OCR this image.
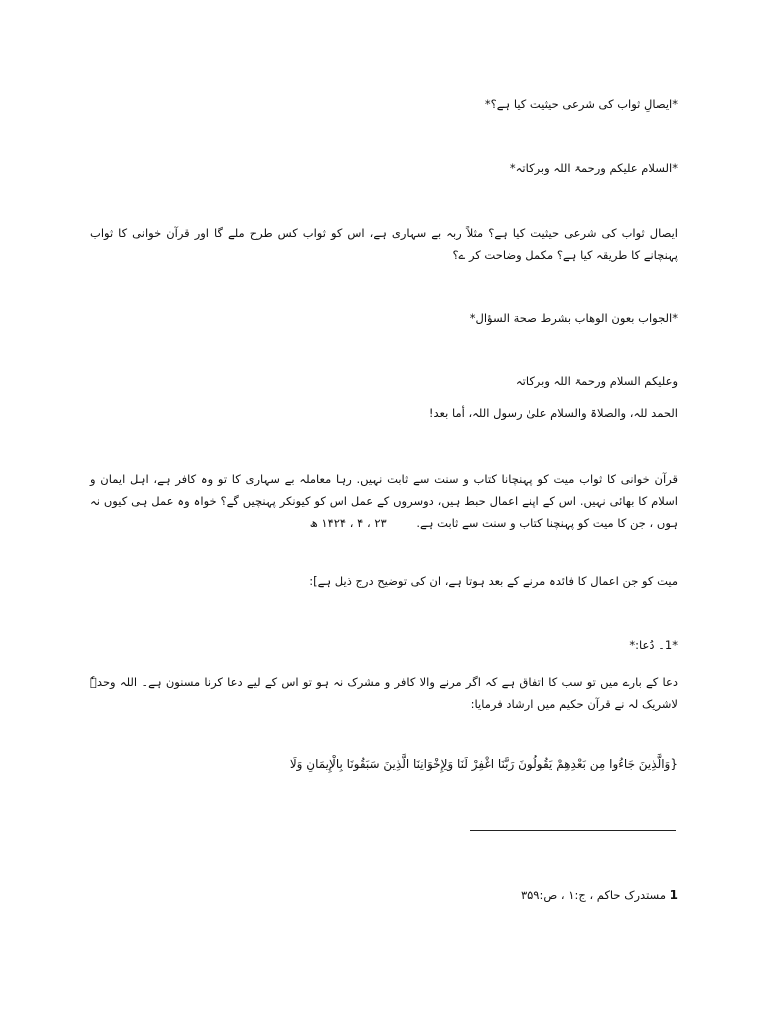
*ایصالِ ثواب کی شرعی حیثیت کیا ہے؟*
*السلام علیکم ورحمۃ اللہ وبرکاتہ*
ایصال ثواب کی شرعی حیثیت کیا ہے؟ مثلاً ربہ بے سہاری ہے، اس کو ثواب کس طرح ملے گا اور قرآن خوانی کا ثواب پہنچانے کا طریقہ کیا ہے؟ مکمل وضاحت کر ے؟
*الجواب بعون الوهاب بشرط صحة السؤال*
وعلیکم السلام ورحمۃ اللہ وبرکاتہ
الحمد للہ، والصلاۃ والسلام علیٰ رسول اللہ، أما بعد!
قرآن خوانی کا ثواب میت کو پہنچانا کتاب و سنت سے ثابت نہیں. رہا معاملہ بے سہاری کا تو وہ کافر ہے، اہل ایمان و اسلام کا بھائی نہیں. اس کے اپنے اعمال حبط ہیں، دوسروں کے عمل اس کو کیونکر پہنچیں گے؟ خواہ وہ عمل ہی کیوں نہ ہوں ، جن کا میت کو پہنچنا کتاب و سنت سے ثابت ہے. ۲۳ ، ۴ ، ۱۴۲۴ ھ
میت کو جن اعمال کا فائدہ مرنے کے بعد ہوتا ہے، ان کی توضیح درج ذیل ہے]:
*1۔ دُعا:*
دعا کے بارے میں تو سب کا اتفاق ہے کہ اگر مرنے والا کافر و مشرک نہ ہو تو اس کے لیے دعا کرنا مسنون ہے۔ اللہ وحدہٗ لاشریک لہ نے قرآن حکیم میں ارشاد فرمایا:
{وَالَّذِينَ جَاءُوا مِن بَعْدِهِمْ يَقُولُونَ رَبَّنَا اغْفِرْ لَنَا وَلِإِخْوَانِنَا الَّذِينَ سَبَقُونَا بِالْإِيمَانِ وَلَا
1 مستدرک حاکم ، ج:۱ ، ص:۳۵۹
